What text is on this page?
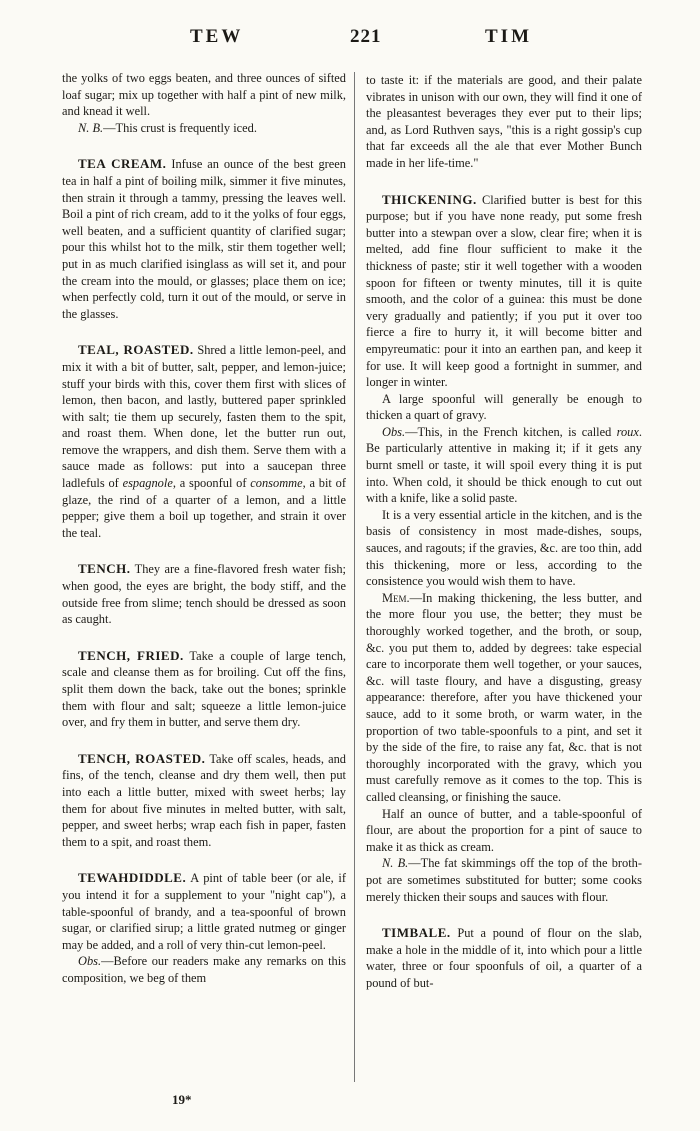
TEW	221	TIM

the yolks of two eggs beaten, and three ounces of sifted loaf sugar; mix up together with half a pint of new milk, and knead it well.

N. B.—This crust is frequently iced.

TEA CREAM. Infuse an ounce of the best green tea in half a pint of boiling milk, simmer it five minutes, then strain it through a tammy, pressing the leaves well. Boil a pint of rich cream, add to it the yolks of four eggs, well beaten, and a sufficient quantity of clarified sugar; pour this whilst hot to the milk, stir them together well; put in as much clarified isinglass as will set it, and pour the cream into the mould, or glasses; place them on ice; when perfectly cold, turn it out of the mould, or serve in the glasses.

TEAL, ROASTED. Shred a little lemon-peel, and mix it with a bit of butter, salt, pepper, and lemon-juice; stuff your birds with this, cover them first with slices of lemon, then bacon, and lastly, buttered paper sprinkled with salt; tie them up securely, fasten them to the spit, and roast them. When done, let the butter run out, remove the wrappers, and dish them. Serve them with a sauce made as follows: put into a saucepan three ladlefuls of espagnole, a spoonful of consomme, a bit of glaze, the rind of a quarter of a lemon, and a little pepper; give them a boil up together, and strain it over the teal.

TENCH. They are a fine-flavored fresh water fish; when good, the eyes are bright, the body stiff, and the outside free from slime; tench should be dressed as soon as caught.

TENCH, FRIED. Take a couple of large tench, scale and cleanse them as for broiling. Cut off the fins, split them down the back, take out the bones; sprinkle them with flour and salt; squeeze a little lemon-juice over, and fry them in butter, and serve them dry.

TENCH, ROASTED. Take off scales, heads, and fins, of the tench, cleanse and dry them well, then put into each a little butter, mixed with sweet herbs; lay them for about five minutes in melted butter, with salt, pepper, and sweet herbs; wrap each fish in paper, fasten them to a spit, and roast them.

TEWAHDIDDLE. A pint of table beer (or ale, if you intend it for a supplement to your "night cap"), a table-spoonful of brandy, and a tea-spoonful of brown sugar, or clarified sirup; a little grated nutmeg or ginger may be added, and a roll of very thin-cut lemon-peel.

Obs.—Before our readers make any remarks on this composition, we beg of them

to taste it: if the materials are good, and their palate vibrates in unison with our own, they will find it one of the pleasantest beverages they ever put to their lips; and, as Lord Ruthven says, "this is a right gossip's cup that far exceeds all the ale that ever Mother Bunch made in her life-time."

THICKENING. Clarified butter is best for this purpose; but if you have none ready, put some fresh butter into a stewpan over a slow, clear fire; when it is melted, add fine flour sufficient to make it the thickness of paste; stir it well together with a wooden spoon for fifteen or twenty minutes, till it is quite smooth, and the color of a guinea: this must be done very gradually and patiently; if you put it over too fierce a fire to hurry it, it will become bitter and empyreumatic: pour it into an earthen pan, and keep it for use. It will keep good a fortnight in summer, and longer in winter.

A large spoonful will generally be enough to thicken a quart of gravy.

Obs.—This, in the French kitchen, is called roux. Be particularly attentive in making it; if it gets any burnt smell or taste, it will spoil every thing it is put into. When cold, it should be thick enough to cut out with a knife, like a solid paste.

It is a very essential article in the kitchen, and is the basis of consistency in most made-dishes, soups, sauces, and ragouts; if the gravies, &c. are too thin, add this thickening, more or less, according to the consistence you would wish them to have.

Mem.—In making thickening, the less butter, and the more flour you use, the better; they must be thoroughly worked together, and the broth, or soup, &c. you put them to, added by degrees: take especial care to incorporate them well together, or your sauces, &c. will taste floury, and have a disgusting, greasy appearance: therefore, after you have thickened your sauce, add to it some broth, or warm water, in the proportion of two table-spoonfuls to a pint, and set it by the side of the fire, to raise any fat, &c. that is not thoroughly incorporated with the gravy, which you must carefully remove as it comes to the top. This is called cleansing, or finishing the sauce.

Half an ounce of butter, and a table-spoonful of flour, are about the proportion for a pint of sauce to make it as thick as cream.

N. B.—The fat skimmings off the top of the broth-pot are sometimes substituted for butter; some cooks merely thicken their soups and sauces with flour.

TIMBALE. Put a pound of flour on the slab, make a hole in the middle of it, into which pour a little water, three or four spoonfuls of oil, a quarter of a pound of but-

19*
